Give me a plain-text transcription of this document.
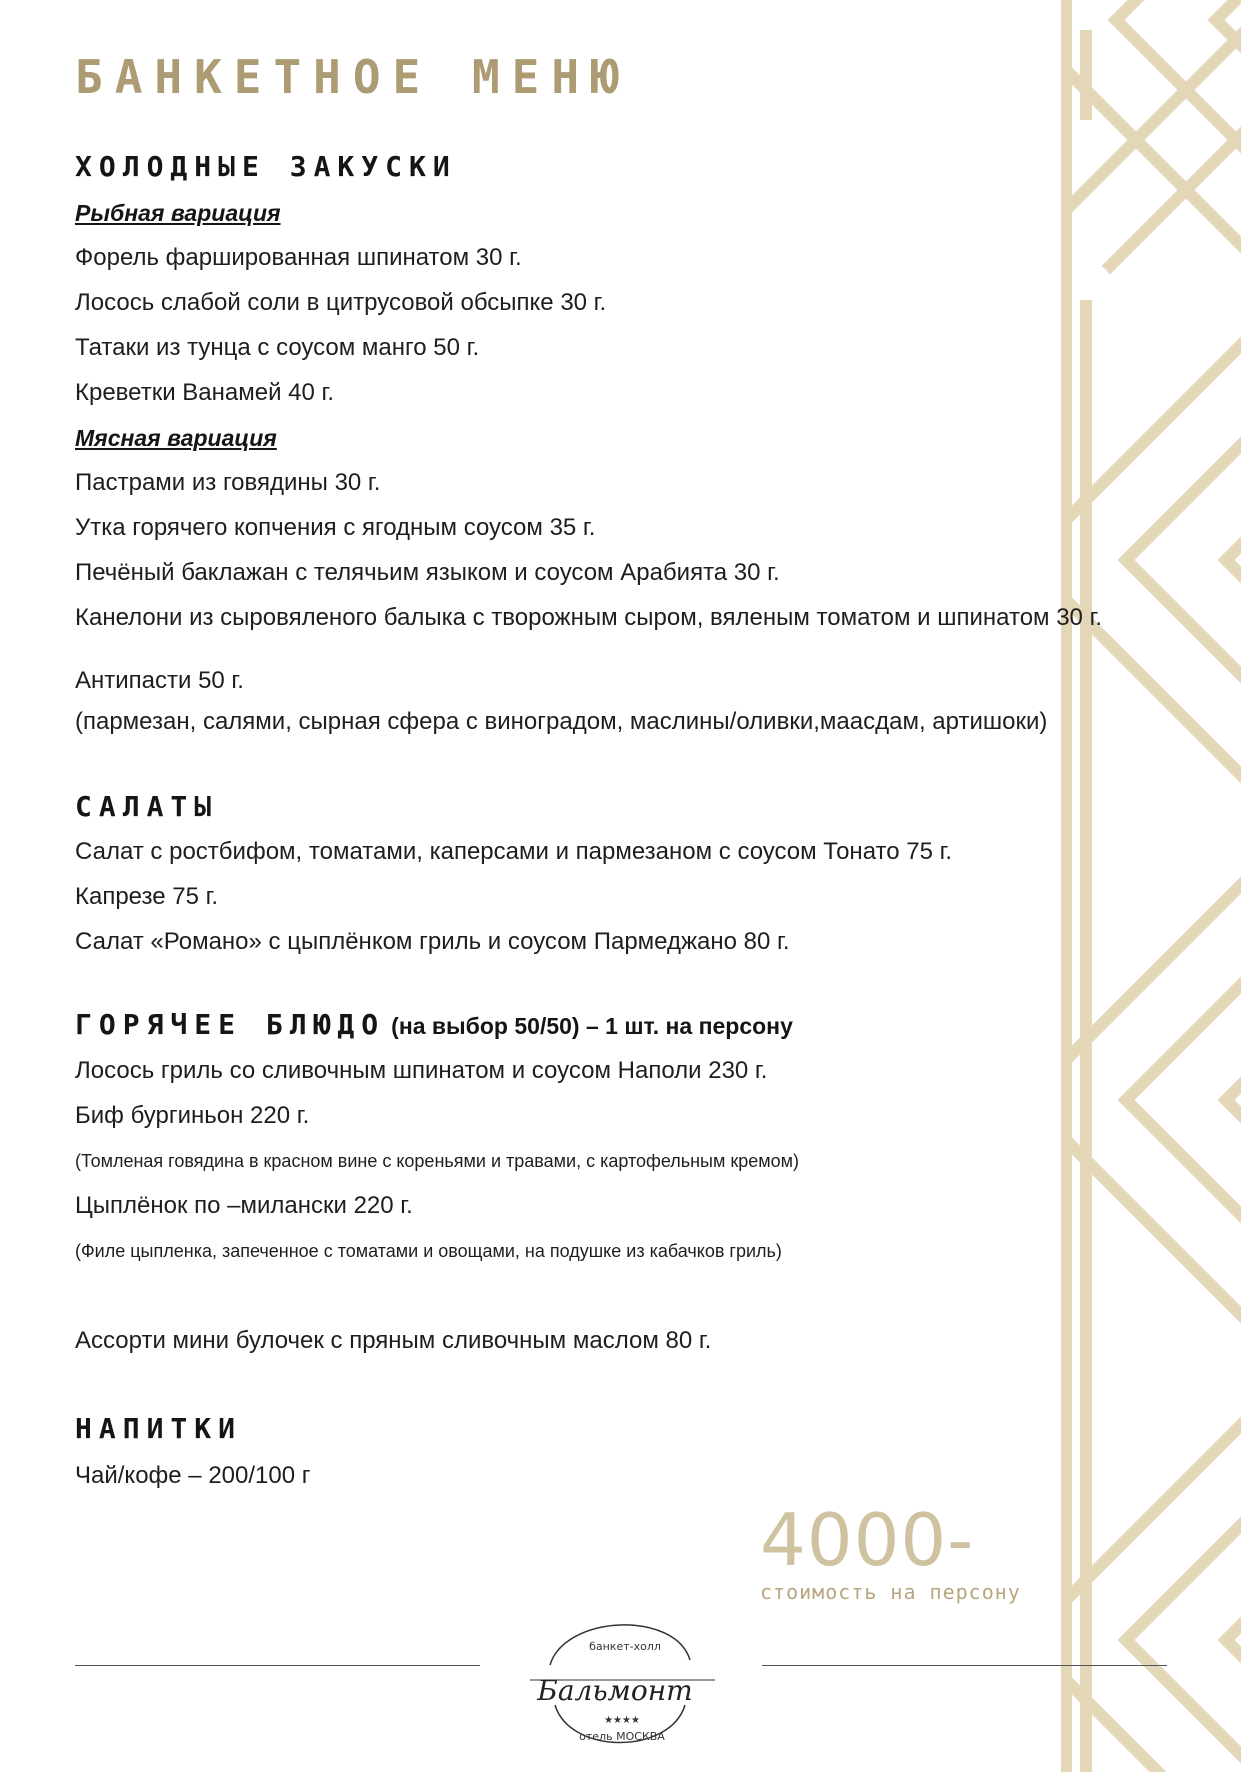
БАНКЕТНОЕ МЕНЮ
ХОЛОДНЫЕ ЗАКУСКИ
Рыбная вариация
Форель фаршированная шпинатом 30 г.
Лосось слабой соли в цитрусовой обсыпке 30 г.
Татаки из тунца с соусом манго 50 г.
Креветки Ванамей 40 г.
Мясная вариация
Пастрами из говядины 30 г.
Утка горячего копчения с ягодным соусом 35 г.
Печёный баклажан с телячьим языком и соусом Арабията 30 г.
Канелони из сыровяленого балыка с творожным сыром, вяленым томатом и шпинатом 30 г.
Антипасти 50 г.
(пармезан, салями, сырная сфера с виноградом, маслины/оливки,маасдам, артишоки)
САЛАТЫ
Салат с ростбифом, томатами, каперсами и пармезаном с соусом Тонато 75 г.
Капрезе 75 г.
Салат «Романо» с цыплёнком гриль и соусом Пармеджано 80 г.
ГОРЯЧЕЕ БЛЮДО (на выбор 50/50) – 1 шт. на персону
Лосось гриль со сливочным шпинатом и соусом Наполи 230 г.
Биф бургиньон 220 г.
(Томленая говядина в красном вине с кореньями и травами, с картофельным кремом)
Цыплёнок по –милански 220 г.
(Филе цыпленка, запеченное с томатами и овощами, на подушке из кабачков гриль)
Ассорти мини булочек с пряным сливочным маслом 80 г.
НАПИТКИ
Чай/кофе – 200/100 г
4000-
стоимость на персону
банкет-холл
Бальмонт
★★★★
отель МОСКВА
